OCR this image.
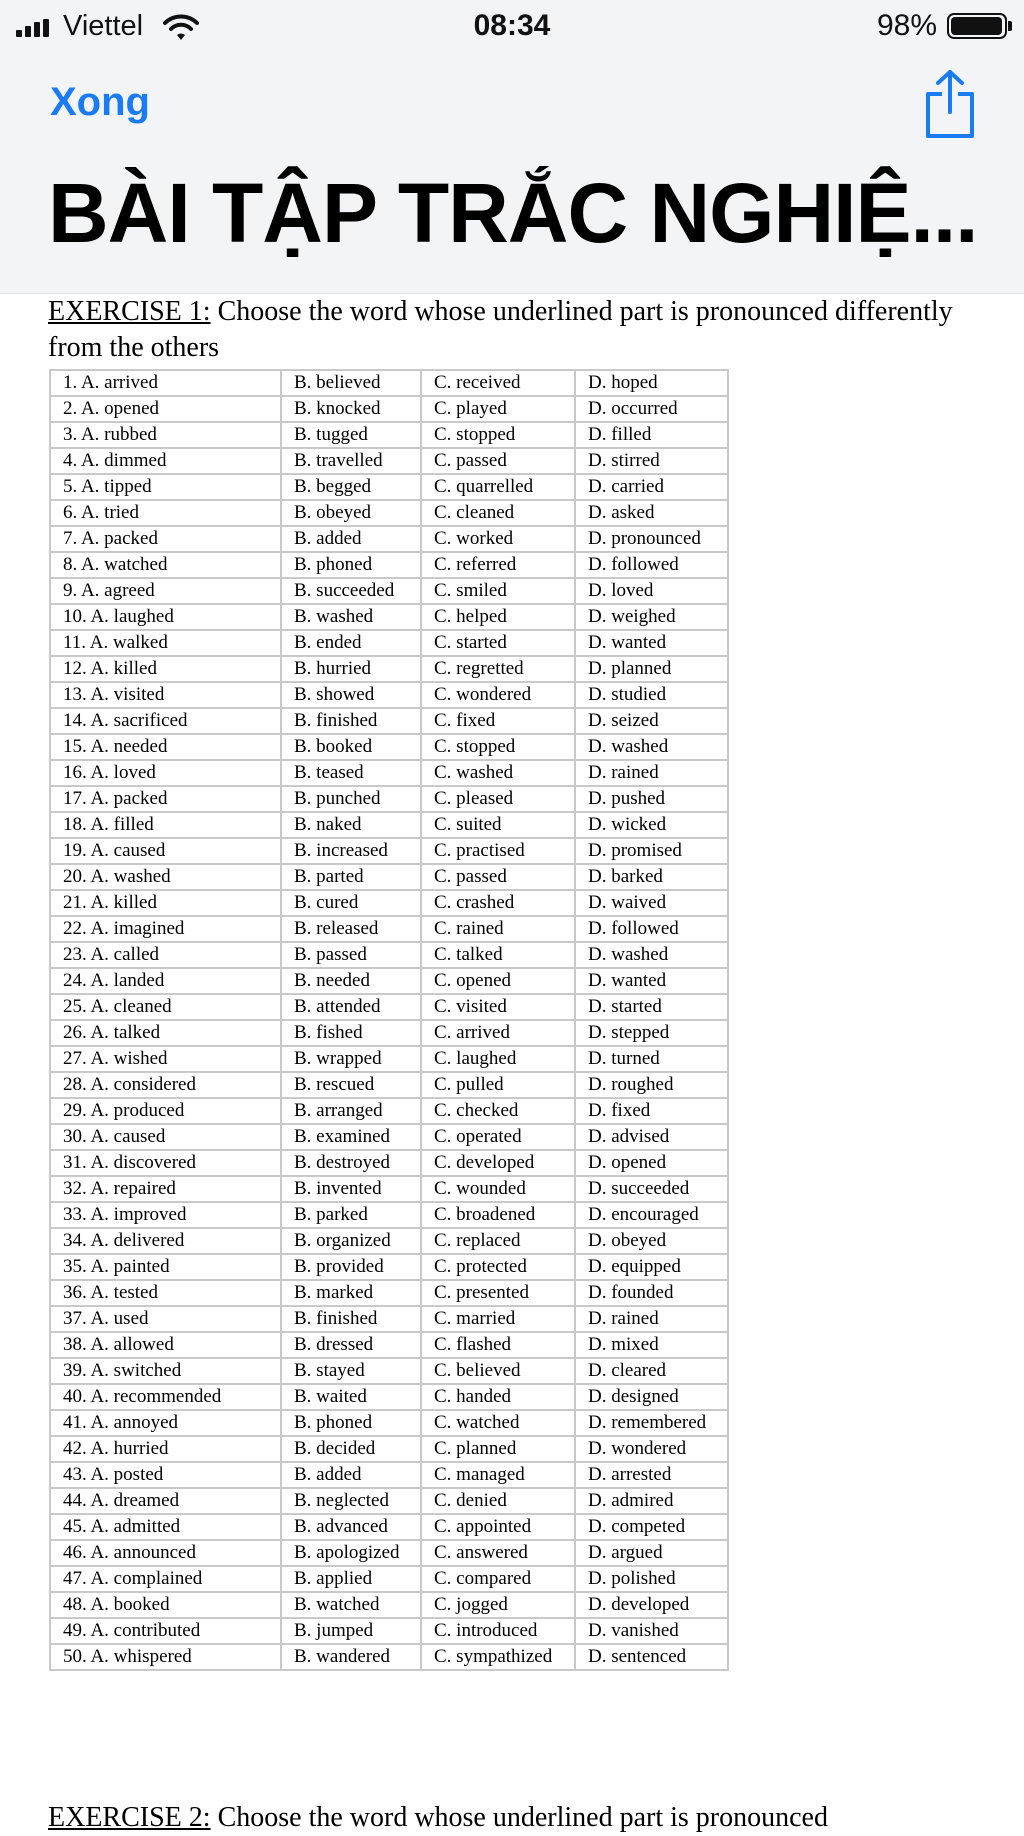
Viettel	08:34	98%
Xong
BÀI TẬP TRẮC NGHIỆ...
EXERCISE 1: Choose the word whose underlined part is pronounced differently from the others
1. A. arrived	B. believed	C. received	D. hoped
2. A. opened	B. knocked	C. played	D. occurred
3. A. rubbed	B. tugged	C. stopped	D. filled
4. A. dimmed	B. travelled	C. passed	D. stirred
5. A. tipped	B. begged	C. quarrelled	D. carried
6. A. tried	B. obeyed	C. cleaned	D. asked
7. A. packed	B. added	C. worked	D. pronounced
8. A. watched	B. phoned	C. referred	D. followed
9. A. agreed	B. succeeded	C. smiled	D. loved
10. A. laughed	B. washed	C. helped	D. weighed
11. A. walked	B. ended	C. started	D. wanted
12. A. killed	B. hurried	C. regretted	D. planned
13. A. visited	B. showed	C. wondered	D. studied
14. A. sacrificed	B. finished	C. fixed	D. seized
15. A. needed	B. booked	C. stopped	D. washed
16. A. loved	B. teased	C. washed	D. rained
17. A. packed	B. punched	C. pleased	D. pushed
18. A. filled	B. naked	C. suited	D. wicked
19. A. caused	B. increased	C. practised	D. promised
20. A. washed	B. parted	C. passed	D. barked
21. A. killed	B. cured	C. crashed	D. waived
22. A. imagined	B. released	C. rained	D. followed
23. A. called	B. passed	C. talked	D. washed
24. A. landed	B. needed	C. opened	D. wanted
25. A. cleaned	B. attended	C. visited	D. started
26. A. talked	B. fished	C. arrived	D. stepped
27. A. wished	B. wrapped	C. laughed	D. turned
28. A. considered	B. rescued	C. pulled	D. roughed
29. A. produced	B. arranged	C. checked	D. fixed
30. A. caused	B. examined	C. operated	D. advised
31. A. discovered	B. destroyed	C. developed	D. opened
32. A. repaired	B. invented	C. wounded	D. succeeded
33. A. improved	B. parked	C. broadened	D. encouraged
34. A. delivered	B. organized	C. replaced	D. obeyed
35. A. painted	B. provided	C. protected	D. equipped
36. A. tested	B. marked	C. presented	D. founded
37. A. used	B. finished	C. married	D. rained
38. A. allowed	B. dressed	C. flashed	D. mixed
39. A. switched	B. stayed	C. believed	D. cleared
40. A. recommended	B. waited	C. handed	D. designed
41. A. annoyed	B. phoned	C. watched	D. remembered
42. A. hurried	B. decided	C. planned	D. wondered
43. A. posted	B. added	C. managed	D. arrested
44. A. dreamed	B. neglected	C. denied	D. admired
45. A. admitted	B. advanced	C. appointed	D. competed
46. A. announced	B. apologized	C. answered	D. argued
47. A. complained	B. applied	C. compared	D. polished
48. A. booked	B. watched	C. jogged	D. developed
49. A. contributed	B. jumped	C. introduced	D. vanished
50. A. whispered	B. wandered	C. sympathized	D. sentenced
EXERCISE 2: Choose the word whose underlined part is pronounced
